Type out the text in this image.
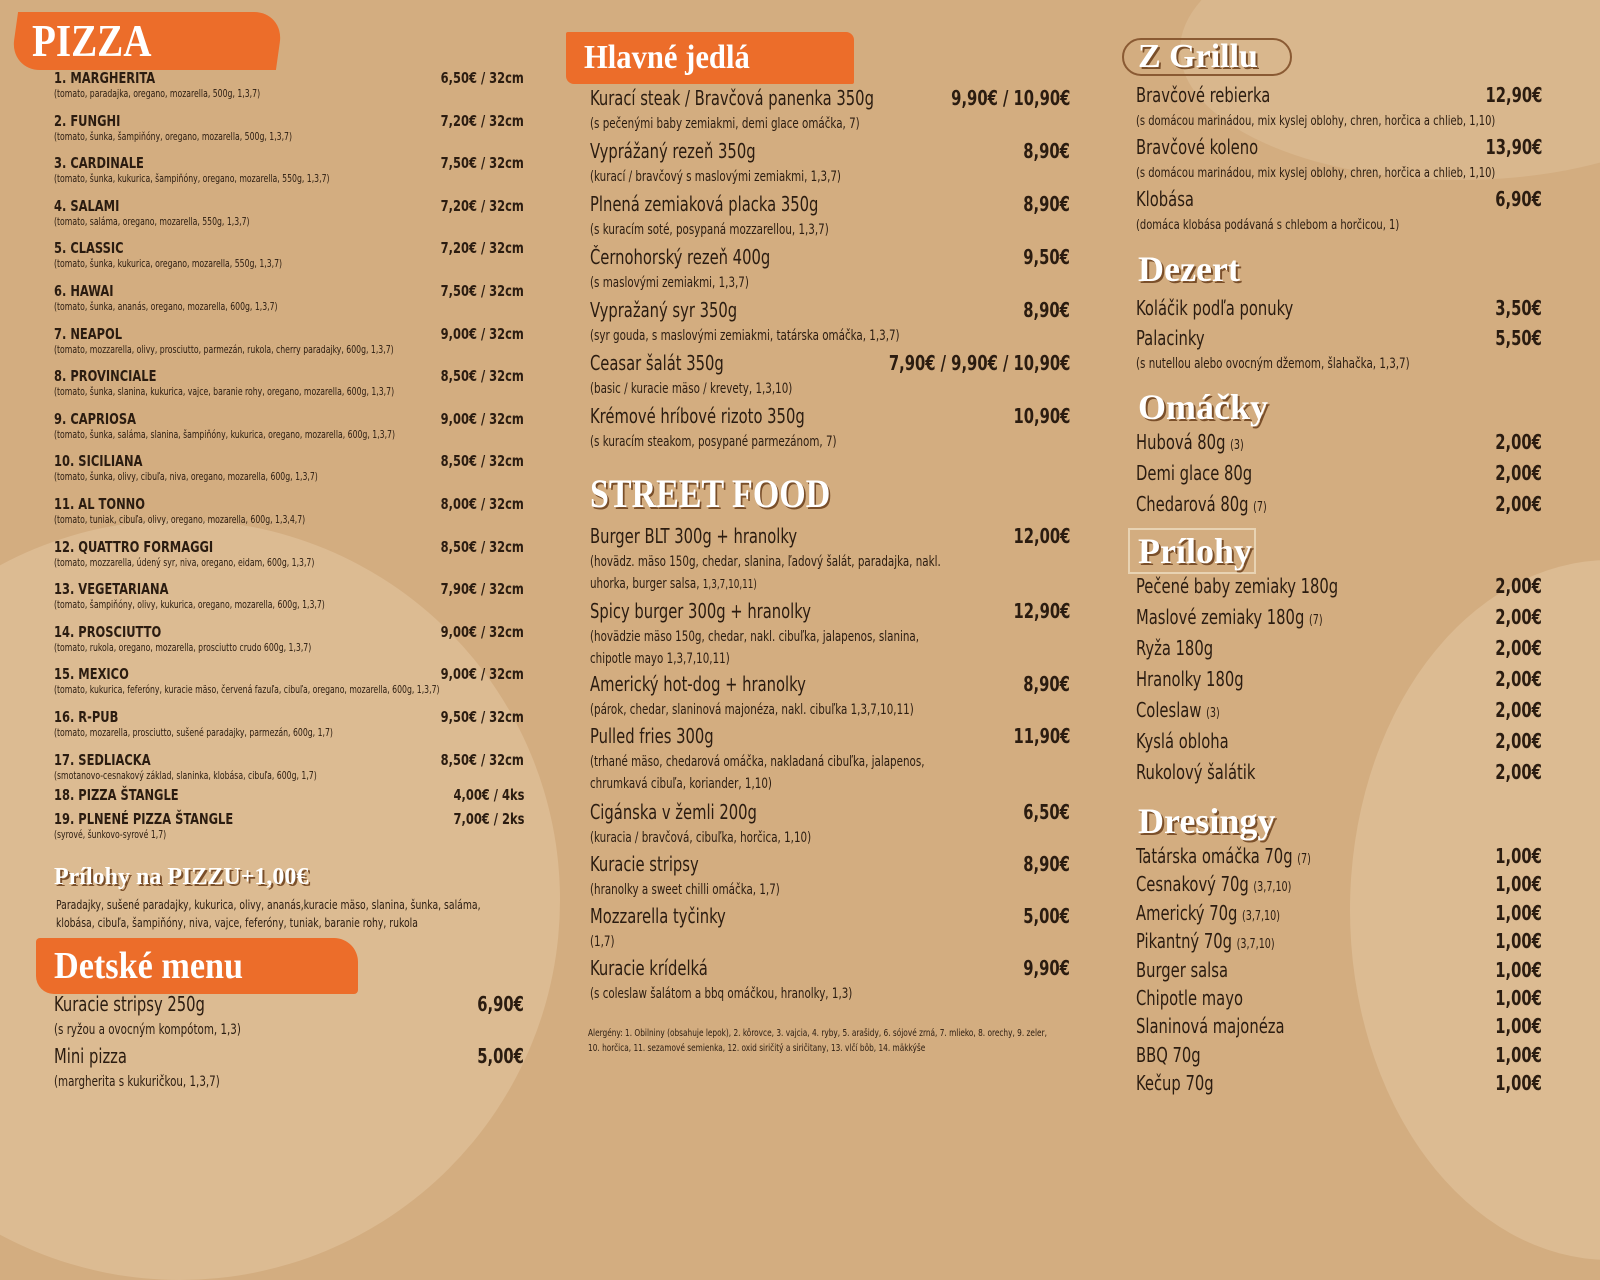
PIZZA
1. MARGHERITA	6,50€ / 32cm
(tomato, paradajka, oregano, mozarella, 500g, 1,3,7)
2. FUNGHI	7,20€ / 32cm
(tomato, šunka, šampiňóny, oregano, mozarella, 500g, 1,3,7)
3. CARDINALE	7,50€ / 32cm
(tomato, šunka, kukurica, šampiňóny, oregano, mozarella, 550g, 1,3,7)
4. SALAMI	7,20€ / 32cm
(tomato, saláma, oregano, mozarella, 550g, 1,3,7)
5. CLASSIC	7,20€ / 32cm
(tomato, šunka, kukurica, oregano, mozarella, 550g, 1,3,7)
6. HAWAI	7,50€ / 32cm
(tomato, šunka, ananás, oregano, mozarella, 600g, 1,3,7)
7. NEAPOL	9,00€ / 32cm
(tomato, mozzarella, olivy, prosciutto, parmezán, rukola, cherry paradajky, 600g, 1,3,7)
8. PROVINCIALE	8,50€ / 32cm
(tomato, šunka, slanina, kukurica, vajce, baranie rohy, oregano, mozarella, 600g, 1,3,7)
9. CAPRIOSA	9,00€ / 32cm
(tomato, šunka, saláma, slanina, šampiňóny, kukurica, oregano, mozarella, 600g, 1,3,7)
10. SICILIANA	8,50€ / 32cm
(tomato, šunka, olivy, cibuľa, niva, oregano, mozarella, 600g, 1,3,7)
11. AL TONNO	8,00€ / 32cm
(tomato, tuniak, cibuľa, olivy, oregano, mozarella, 600g, 1,3,4,7)
12. QUATTRO FORMAGGI	8,50€ / 32cm
(tomato, mozzarella, údený syr, niva, oregano, eidam, 600g, 1,3,7)
13. VEGETARIANA	7,90€ / 32cm
(tomato, šampiňóny, olivy, kukurica, oregano, mozarella, 600g, 1,3,7)
14. PROSCIUTTO	9,00€ / 32cm
(tomato, rukola, oregano, mozarella, prosciutto crudo 600g, 1,3,7)
15. MEXICO	9,00€ / 32cm
(tomato, kukurica, feferóny, kuracie mäso, červená fazuľa, cibuľa, oregano, mozarella, 600g, 1,3,7)
16. R-PUB	9,50€ / 32cm
(tomato, mozarella, prosciutto, sušené paradajky, parmezán, 600g, 1,7)
17. SEDLIACKA	8,50€ / 32cm
(smotanovo-cesnakový základ, slaninka, klobása, cibuľa, 600g, 1,7)
18. PIZZA ŠTANGLE	4,00€ / 4ks
19. PLNENÉ PIZZA ŠTANGLE	7,00€ / 2ks
(syrové, šunkovo-syrové 1,7)
Prílohy na PIZZU+1,00€
Paradajky, sušené paradajky, kukurica, olivy, ananás,kuracie mäso, slanina, šunka, saláma,
klobása, cibuľa, šampiňóny, niva, vajce, feferóny, tuniak, baranie rohy, rukola
Detské menu
Kuracie stripsy 250g	6,90€
(s ryžou a ovocným kompótom, 1,3)
Mini pizza	5,00€
(margherita s kukuričkou, 1,3,7)
Hlavné jedlá
Kurací steak / Bravčová panenka 350g	9,90€ / 10,90€
(s pečenými baby zemiakmi, demi glace omáčka, 7)
Vyprážaný rezeň 350g	8,90€
(kurací / bravčový s maslovými zemiakmi, 1,3,7)
Plnená zemiaková placka 350g	8,90€
(s kuracím soté, posypaná mozzarellou, 1,3,7)
Černohorský rezeň 400g	9,50€
(s maslovými zemiakmi, 1,3,7)
Vypražaný syr 350g	8,90€
(syr gouda, s maslovými zemiakmi, tatárska omáčka, 1,3,7)
Ceasar šalát 350g	7,90€ / 9,90€ / 10,90€
(basic / kuracie mäso / krevety, 1,3,10)
Krémové hríbové rizoto 350g	10,90€
(s kuracím steakom, posypané parmezánom, 7)
STREET FOOD
Burger BLT 300g + hranolky	12,00€
(hovädz. mäso 150g, chedar, slanina, ľadový šalát, paradajka, nakl.
uhorka, burger salsa, 1,3,7,10,11)
Spicy burger 300g + hranolky	12,90€
(hovädzie mäso 150g, chedar, nakl. cibuľka, jalapenos, slanina,
chipotle mayo 1,3,7,10,11)
Americký hot-dog + hranolky	8,90€
(párok, chedar, slaninová majonéza, nakl. cibuľka 1,3,7,10,11)
Pulled fries 300g	11,90€
(trhané mäso, chedarová omáčka, nakladaná cibuľka, jalapenos,
chrumkavá cibuľa, koriander, 1,10)
Cigánska v žemli 200g	6,50€
(kuracia / bravčová, cibuľka, horčica, 1,10)
Kuracie stripsy	8,90€
(hranolky a sweet chilli omáčka, 1,7)
Mozzarella tyčinky	5,00€
(1,7)
Kuracie krídelká	9,90€
(s coleslaw šalátom a bbq omáčkou, hranolky, 1,3)
Alergény: 1. Obilniny (obsahuje lepok), 2. kôrovce, 3. vajcia, 4. ryby, 5. arašidy, 6. sójové zrná, 7. mlieko, 8. orechy, 9. zeler,
10. horčica, 11. sezamové semienka, 12. oxid siričitý a siričitany, 13. vlčí bôb, 14. mäkkýše
Z Grillu
Bravčové rebierka	12,90€
(s domácou marinádou, mix kyslej oblohy, chren, horčica a chlieb, 1,10)
Bravčové koleno	13,90€
(s domácou marinádou, mix kyslej oblohy, chren, horčica a chlieb, 1,10)
Klobása	6,90€
(domáca klobása podávaná s chlebom a horčicou, 1)
Dezert
Koláčik podľa ponuky	3,50€
Palacinky	5,50€
(s nutellou alebo ovocným džemom, šlahačka, 1,3,7)
Omáčky
Hubová 80g (3)	2,00€
Demi glace 80g	2,00€
Chedarová 80g (7)	2,00€
Prílohy
Pečené baby zemiaky 180g	2,00€
Maslové zemiaky 180g (7)	2,00€
Ryža 180g	2,00€
Hranolky 180g	2,00€
Coleslaw (3)	2,00€
Kyslá obloha	2,00€
Rukolový šalátik	2,00€
Dresingy
Tatárska omáčka 70g (7)	1,00€
Cesnakový 70g (3,7,10)	1,00€
Americký 70g (3,7,10)	1,00€
Pikantný 70g (3,7,10)	1,00€
Burger salsa	1,00€
Chipotle mayo	1,00€
Slaninová majonéza	1,00€
BBQ 70g	1,00€
Kečup 70g	1,00€
